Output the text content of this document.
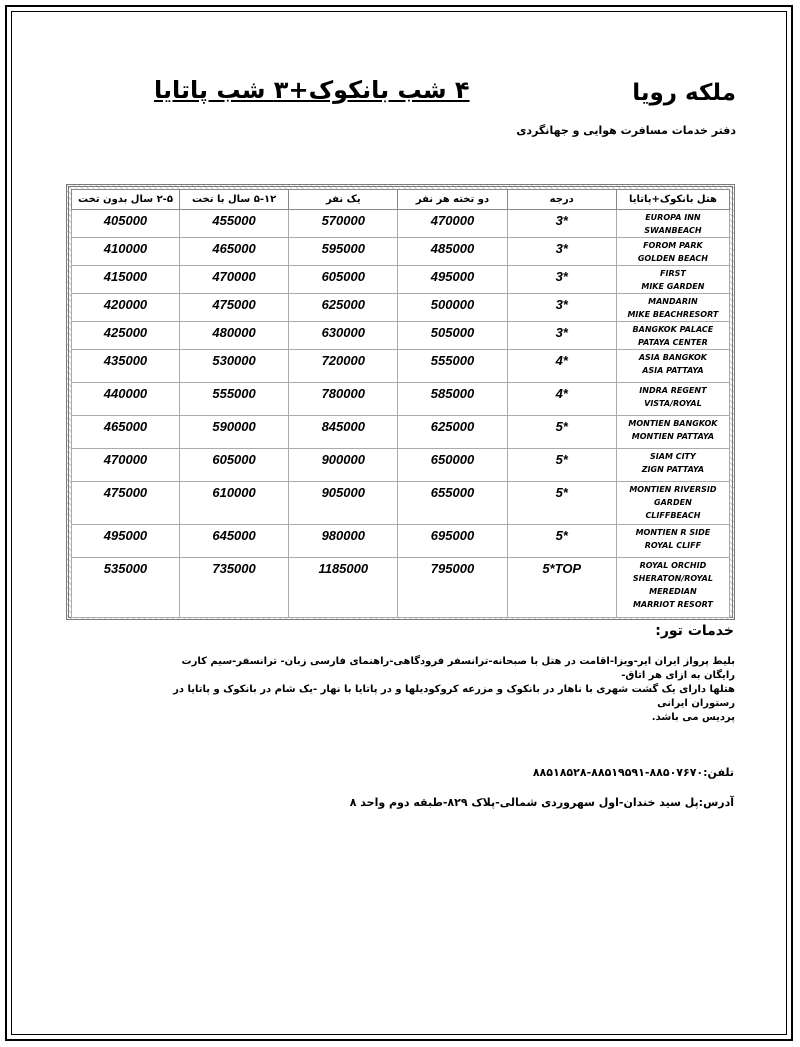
ملکه رویا
۴ شب بانکوک+۳ شب پاتایا
دفتر خدمات مسافرت هوایی و جهانگردی
هتل بانکوک+پاتایا	درجه	دو تخته هر نفر	یک نفر	۵-۱۲ سال با تخت	۲-۵ سال بدون تخت

EUROPA INN
SWANBEACH	3*	470000	570000	455000	405000

FOROM PARK
GOLDEN BEACH	3*	485000	595000	465000	410000

FIRST
MIKE GARDEN	3*	495000	605000	470000	415000

MANDARIN
MIKE BEACHRESORT	3*	500000	625000	475000	420000

BANGKOK PALACE
PATAYA CENTER	3*	505000	630000	480000	425000

ASIA BANGKOK
ASIA PATTAYA	4*	555000	720000	530000	435000

INDRA REGENT
VISTA/ROYAL	4*	585000	780000	555000	440000

MONTIEN BANGKOK
MONTIEN PATTAYA	5*	625000	845000	590000	465000

SIAM CITY
ZIGN PATTAYA	5*	650000	900000	605000	470000

MONTIEN RIVERSID
GARDEN
CLIFFBEACH	5*	655000	905000	610000	475000

MONTIEN R SIDE
ROYAL CLIFF	5*	695000	980000	645000	495000

ROYAL ORCHID
SHERATON/ROYAL
MEREDIAN
MARRIOT RESORT	5*TOP	795000	1185000	735000	535000
خدمات تور:
بلیط پرواز ایران ایر-ویزا-اقامت در هتل با صبحانه-ترانسفر فرودگاهی-راهنمای فارسی زبان- ترانسفر-سیم کارت رایگان به ازای هر اتاق-
هتلها دارای یک گشت شهری با ناهار در بانکوک و مزرعه کروکودیلها و در پاتایا با نهار -یک شام در بانکوک و پاتایا در رستوران ایرانی
پردیس می باشد.
تلفن:۸۸۵۰۷۶۷۰-۸۸۵۱۹۵۹۱-۸۸۵۱۸۵۲۸
آدرس:پل سید خندان-اول سهروردی شمالی-پلاک ۸۲۹-طبقه دوم واحد ۸
